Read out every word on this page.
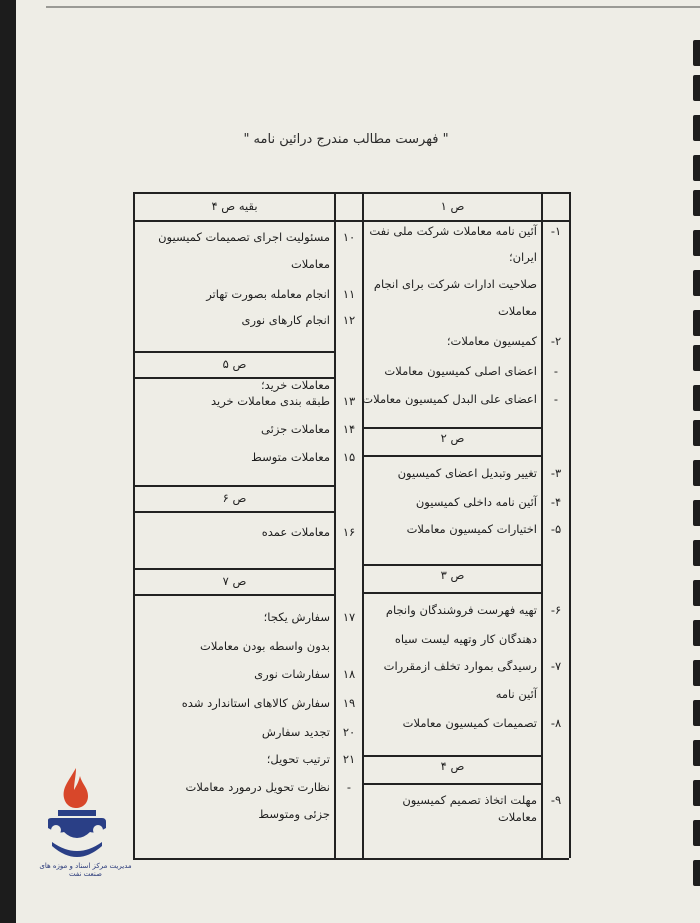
" فهرست مطالب مندرج درائين نامه "
مديريت مركز اسناد و موزه های صنعت نفت
ص ۱
۱-
آئين نامه معاملات شركت ملی نفت
ايران؛
صلاحيت ادارات شركت برای انجام
معاملات
۲-
كميسيون معاملات؛
-
اعضای اصلی كميسيون معاملات
-
اعضای علی البدل كميسيون معاملات
ص ۲
۳-
تغيير وتبديل اعضای كميسيون
۴-
آئين نامه داخلی كميسيون
۵-
اختيارات كميسيون معاملات
ص ۳
۶-
تهيه فهرست فروشندگان وانجام
دهندگان كار وتهيه ليست سياه
۷-
رسيدگی بموارد تخلف ازمقررات
آئين نامه
۸-
تصميمات كميسيون معاملات
ص ۴
۹-
مهلت اتخاذ تصميم كميسيون
معاملات
بقيه ص ۴
۱۰
مسئوليت اجرای تصميمات كميسيون
معاملات
۱۱
انجام معامله بصورت تهاتر
۱۲
انجام كارهای نوری
ص ۵
معاملات خريد؛
۱۳
طبقه بندی معاملات خريد
۱۴
معاملات جزئی
۱۵
معاملات متوسط
ص ۶
۱۶
معاملات عمده
ص ۷
۱۷
سفارش يكجا؛
بدون واسطه بودن معاملات
۱۸
سفارشات نوری
۱۹
سفارش كالاهای استاندارد شده
۲۰
تجديد سفارش
۲۱
ترتيب تحويل؛
-
نظارت تحويل درمورد معاملات
جزئی ومتوسط
